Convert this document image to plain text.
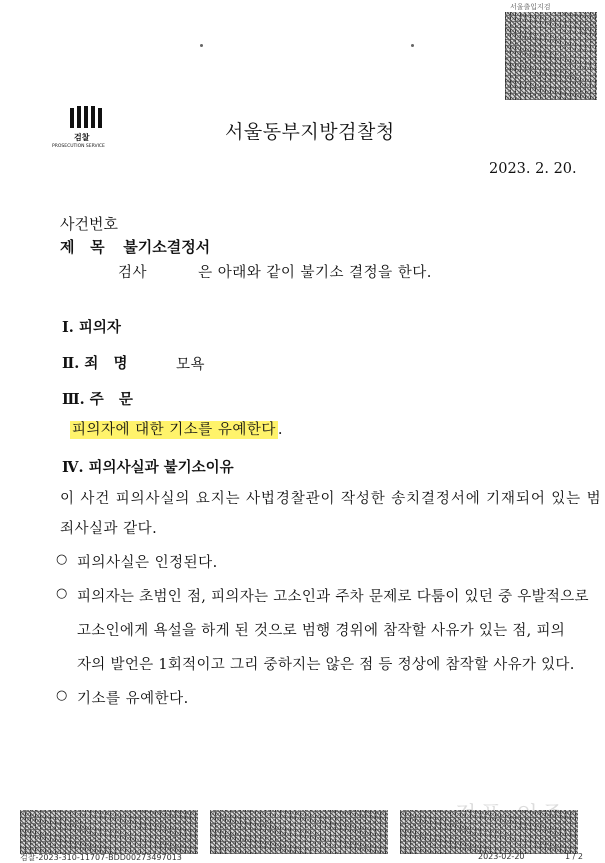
서울출입지검
검찰
PROSECUTION SERVICE
서울동부지방검찰청
2023. 2. 20.
사건번호
제   목 불기소결정서
검사          은 아래와 같이 불기소 결정을 한다.
Ⅰ. 피의자
Ⅱ. 죄   명	모욕
Ⅲ. 주   문
피의자에 대한 기소를 유예한다 .
Ⅳ. 피의사실과 불기소이유
이 사건 피의사실의 요지는 사법경찰관이 작성한 송치결정서에 기재되어 있는 범
죄사실과 같다.
○ 피의사실은 인정된다.
○ 피의자는 초범인 점, 피의자는 고소인과 주차 문제로 다툼이 있던 중 우발적으로
고소인에게 욕설을 하게 된 것으로 범행 경위에 참작할 사유가 있는 점, 피의
자의 발언은 1회적이고 그리 중하지는 않은 점 등 정상에 참작할 사유가 있다.
○ 기소를 유예한다.
검찰-2023-310-11707-BDD00273497013	2023-02-20	1 / 2
